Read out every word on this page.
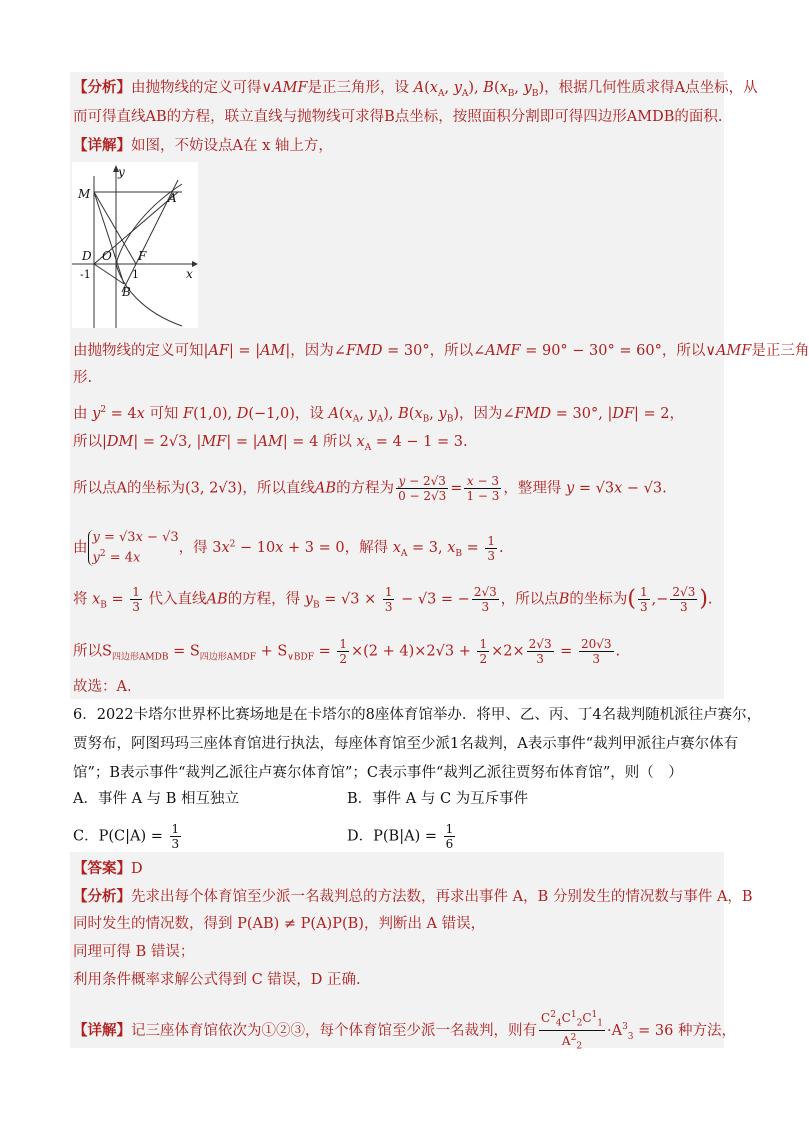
【分析】由抛物线的定义可得∨AMF是正三角形，设 $A(x_A$, $y_A$), $B(x_B$, $y_B$)，根据几何性质求得A点坐标，从
而可得直线AB的方程，联立直线与抛物线可求得B点坐标，按照面积分割即可得四边形AMDB的面积.
【详解】如图，不妨设点A在 x 轴上方，
y
M	A
D O F
-1	1	x
B
由抛物线的定义可知|AF| = |AM|，因为∠FMD = 30°，所以∠AMF = 90° − 30° = 60°，所以∨AMF是正三角
形.
由 $y^2 = 4x$ 可知 F(1,0), D(−1,0)，设 $A(x_A$, $y_A$), $B(x_B$, $y_B$)，因为∠FMD = 30°, |DF| = 2，
所以|DM| = 2√3, |MF| = |AM| = 4 所以 $x_A = 4 - 1 = 3$.
所以点A的坐标为(3, 2√3)，所以直线AB的方程为 $\frac{y - 2√3}{0 - 2√3} = \frac{x - 3}{1 - 3}$ ，整理得 y = √3x − √3.
由y = √3x − √3
$y^2 = 4x$，得 $3x^2 - 10x + 3 = 0$，解得 $x_A = 3$, $x_B = \frac{1}{3}$ .
将 $x_B = \frac{1}{3}$ 代入直线AB的方程，得 $y_B = √3 \times \frac{1}{3} - √3$ = − $\frac{2√3}{3}$ ，所以点B的坐标为( $\frac{1}{3}$ ,− $\frac{2√3}{3}$ ).
所以$S_{四边形AMDB} = S_{四边形AMDF} + S_{\vee BDF} = \frac{1}{2} \times(2 + 4)\times 2√3 + \frac{1}{2} \times 2\times \frac{2√3}{3} = \frac{20√3}{3}$ .
故选：A．
6．2022卡塔尔世界杯比赛场地是在卡塔尔的8座体育馆举办．将甲、乙、丙、丁4名裁判随机派往卢赛尔，
贾努布，阿图玛玛三座体育馆进行执法，每座体育馆至少派1名裁判，A表示事件“裁判甲派往卢赛尔体有
馆”；B表示事件“裁判乙派往卢赛尔体育馆”；C表示事件“裁判乙派往贾努布体育馆”，则（　）
A．事件 A 与 B 相互独立	B．事件 A 与 C 为互斥事件
C．$P(C|A) = \frac{1}{3}$	D．$P(B|A) = \frac{1}{6}$
【答案】D
【分析】先求出每个体育馆至少派一名裁判总的方法数，再求出事件 A，B 分别发生的情况数与事件 A，B
同时发生的情况数，得到 P(AB) ≠ P(A)P(B)，判断出 A 错误，
同理可得 B 错误；
利用条件概率求解公式得到 C 错误，D 正确.
【详解】记三座体育馆依次为①②③，每个体育馆至少派一名裁判，则有 $\frac{C^2_4C^1_2C^1_1}{A^2_2} \cdot A^3_3 = 36$ 种方法，
